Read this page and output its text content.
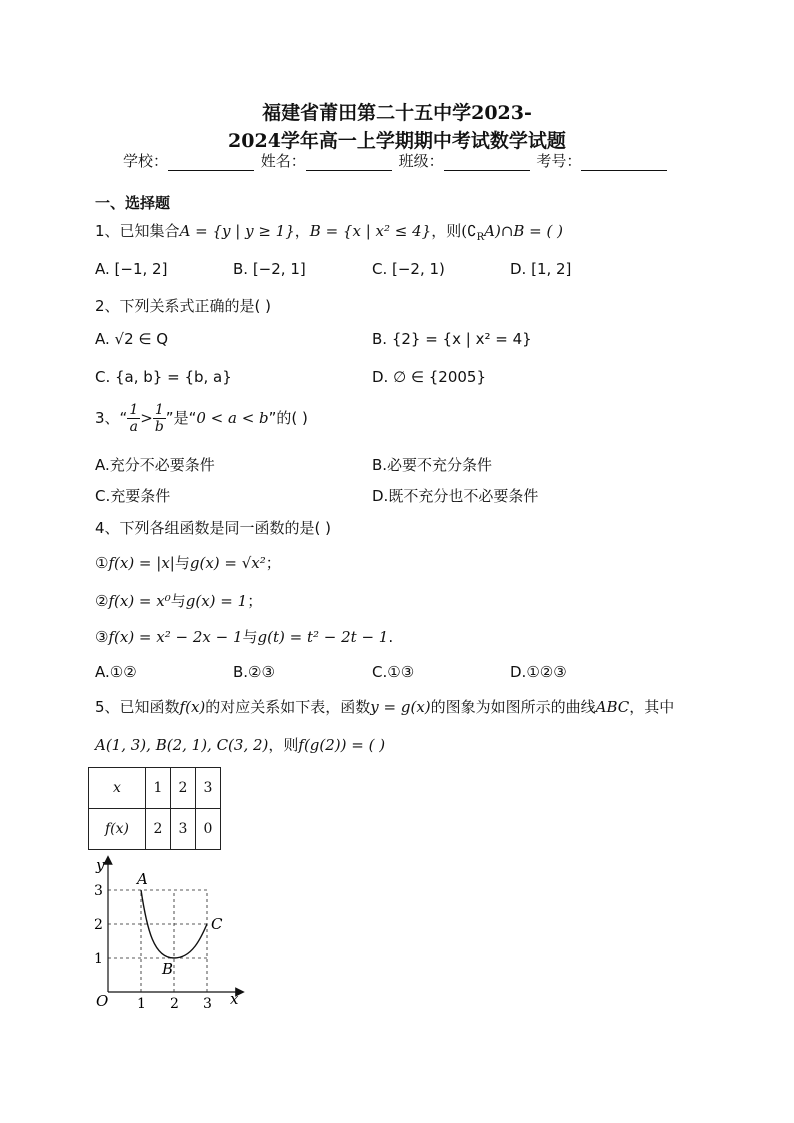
福建省莆田第二十五中学2023-
2024学年高一上学期期中考试数学试题
学校：	姓名：	班级：	考号：
一、选择题
1、已知集合A = {y | y ≥ 1}，B = {x | x² ≤ 4}，则$(∁_RA)\cap B$ = ( )
A. [−1, 2]	B. [−2, 1]	C. [−2, 1)	D. [1, 2]
2、下列关系式正确的是( )
A. √2 ∈ Q	B. {2} = {x | x² = 4}
C. {a, b} = {b, a}	D. ∅ ∈ {2005}
3、“ $\frac{1}{a} > \frac{1}{b}$ ”是“0 < a < b”的( )
A.充分不必要条件	B.必要不充分条件
C.充要条件	D.既不充分也不必要条件
4、下列各组函数是同一函数的是( )
①f(x) = |x|与g(x) = √x²；
②f(x) = x⁰与g(x) = 1；
③f(x) = x² − 2x − 1与g(t) = t² − 2t − 1.
A.①②	B.②③	C.①③	D.①②③
5、已知函数f(x)的对应关系如下表，函数y = g(x)的图象为如图所示的曲线ABC，其中
A(1, 3), B(2, 1), C(3, 2)，则f(g(2)) = ( )
x	1	2	3
f(x)	2	3	0
y
x
O 1 2 3
1
2
3
A
B
C
